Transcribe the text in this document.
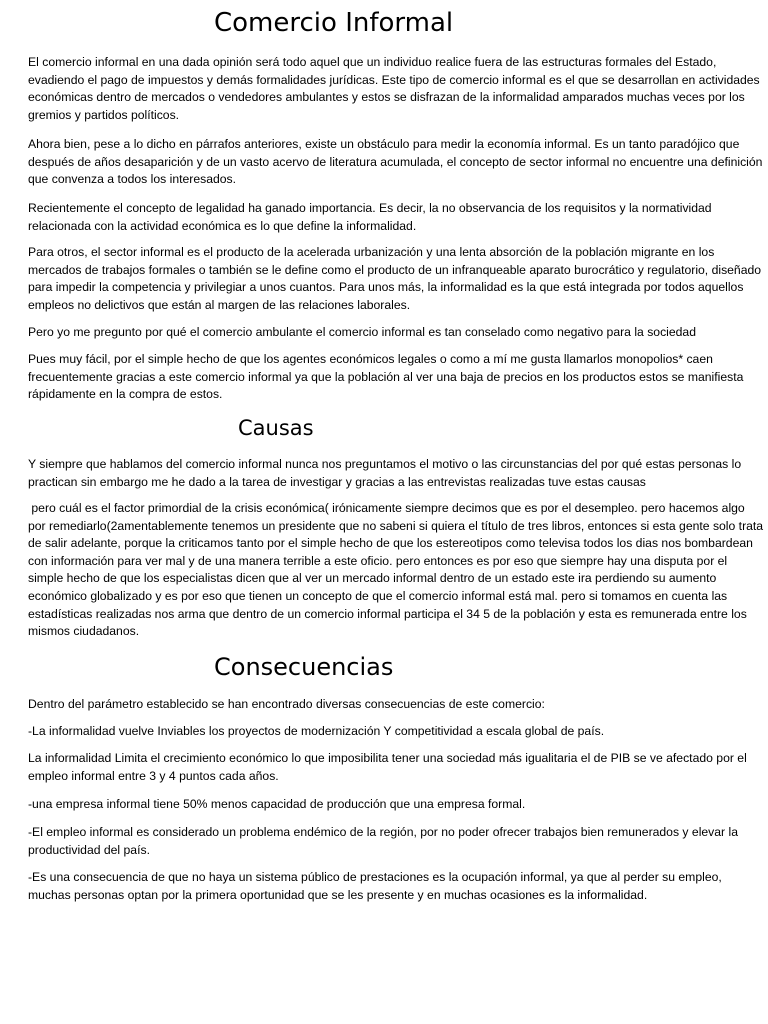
Comercio Informal

El comercio informal en una dada opinión será todo aquel que un individuo realice fuera de las estructuras formales del Estado, evadiendo el pago de impuestos y demás formalidades jurídicas. Este tipo de comercio informal es el que se desarrollan en actividades económicas dentro de mercados o vendedores ambulantes y estos se disfrazan de la informalidad amparados muchas veces por los gremios y partidos políticos.

Ahora bien, pese a lo dicho en párrafos anteriores, existe un obstáculo para medir la economía informal. Es un tanto paradójico que después de años desaparición y de un vasto acervo de literatura acumulada, el concepto de sector informal no encuentre una definición que convenza a todos los interesados.

Recientemente el concepto de legalidad ha ganado importancia. Es decir, la no observancia de los requisitos y la normatividad relacionada con la actividad económica es lo que define la informalidad.

Para otros, el sector informal es el producto de la acelerada urbanización y una lenta absorción de la población migrante en los mercados de trabajos formales o también se le define como el producto de un infranqueable aparato burocrático y regulatorio, diseñado para impedir la competencia y privilegiar a unos cuantos. Para unos más, la informalidad es la que está integrada por todos aquellos empleos no delictivos que están al margen de las relaciones laborales.

Pero yo me pregunto por qué el comercio ambulante el comercio informal es tan conselado como negativo para la sociedad

Pues muy fácil, por el simple hecho de que los agentes económicos legales o como a mí me gusta llamarlos monopolios* caen frecuentemente gracias a este comercio informal ya que la población al ver una baja de precios en los productos estos se manifiesta rápidamente en la compra de estos.

Causas

Y siempre que hablamos del comercio informal nunca nos preguntamos el motivo o las circunstancias del por qué estas personas lo practican sin embargo me he dado a la tarea de investigar y gracias a las entrevistas realizadas tuve estas causas

pero cuál es el factor primordial de la crisis económica( irónicamente siempre decimos que es por el desempleo. pero hacemos algo por remediarlo(2amentablemente tenemos un presidente que no sabeni si quiera el título de tres libros, entonces si esta gente solo trata de salir adelante, porque la criticamos tanto por el simple hecho de que los estereotipos como televisa todos los dias nos bombardean con información para ver mal y de una manera terrible a este oficio. pero entonces es por eso que siempre hay una disputa por el simple hecho de que los especialistas dicen que al ver un mercado informal dentro de un estado este ira perdiendo su aumento económico globalizado y es por eso que tienen un concepto de que el comercio informal está mal. pero si tomamos en cuenta las estadísticas realizadas nos arma que dentro de un comercio informal participa el 34 5 de la población y esta es remunerada entre los mismos ciudadanos.

Consecuencias

Dentro del parámetro establecido se han encontrado diversas consecuencias de este comercio:

-La informalidad vuelve Inviables los proyectos de modernización Y competitividad a escala global de país.

La informalidad Limita el crecimiento económico lo que imposibilita tener una sociedad más igualitaria el de PIB se ve afectado por el empleo informal entre 3 y 4 puntos cada años.

-una empresa informal tiene 50% menos capacidad de producción que una empresa formal.

-El empleo informal es considerado un problema endémico de la región, por no poder ofrecer trabajos bien remunerados y elevar la productividad del país.

-Es una consecuencia de que no haya un sistema público de prestaciones es la ocupación informal, ya que al perder su empleo, muchas personas optan por la primera oportunidad que se les presente y en muchas ocasiones es la informalidad.
